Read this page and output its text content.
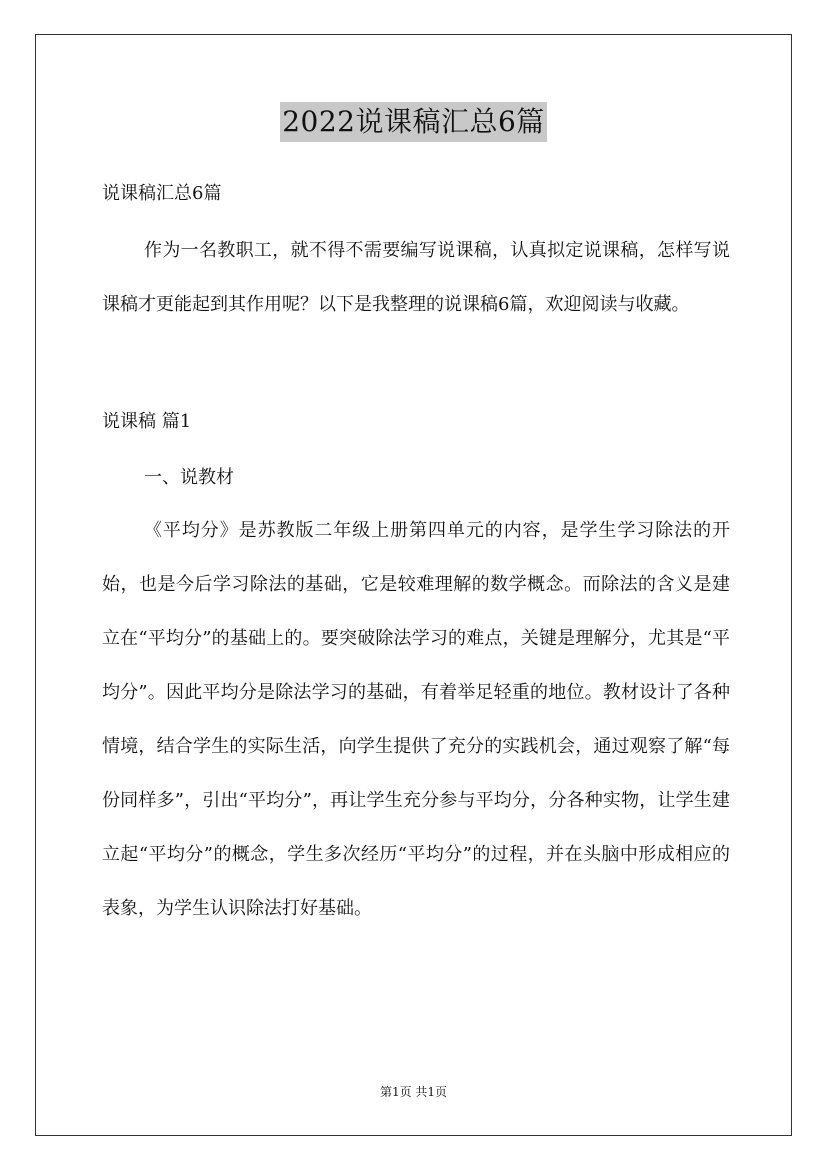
2022说课稿汇总6篇

说课稿汇总6篇

作为一名教职工，就不得不需要编写说课稿，认真拟定说课稿，怎样写说课稿才更能起到其作用呢？以下是我整理的说课稿6篇，欢迎阅读与收藏。

说课稿 篇1

一、说教材

《平均分》是苏教版二年级上册第四单元的内容，是学生学习除法的开始，也是今后学习除法的基础，它是较难理解的数学概念。而除法的含义是建立在“平均分”的基础上的。要突破除法学习的难点，关键是理解分，尤其是“平均分”。因此平均分是除法学习的基础，有着举足轻重的地位。教材设计了各种情境，结合学生的实际生活，向学生提供了充分的实践机会，通过观察了解“每份同样多”，引出“平均分”，再让学生充分参与平均分，分各种实物，让学生建立起“平均分”的概念，学生多次经历“平均分”的过程，并在头脑中形成相应的表象，为学生认识除法打好基础。

第1页 共1页
